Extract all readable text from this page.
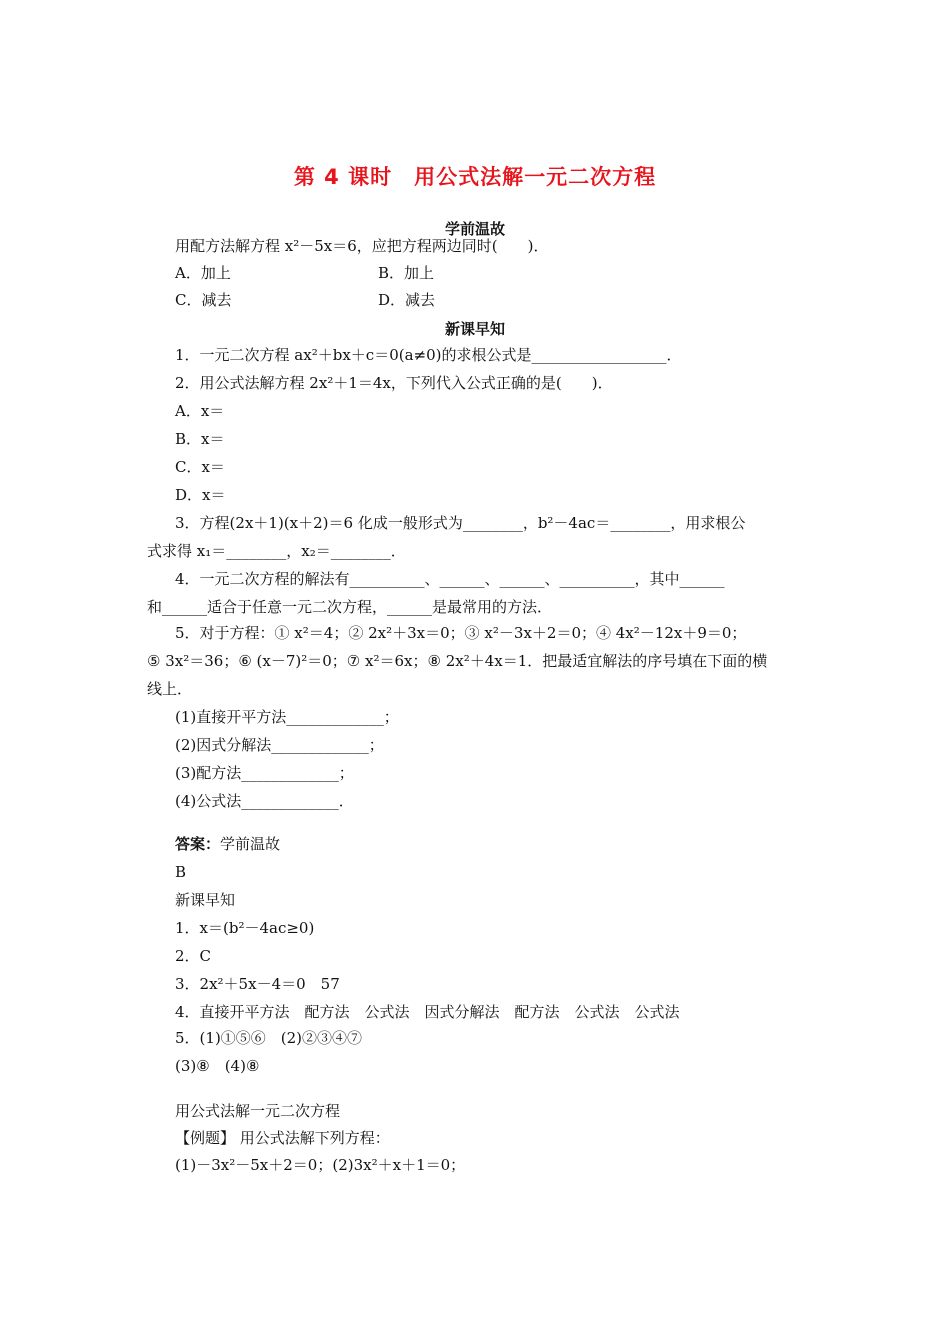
第 4 课时　用公式法解一元二次方程
学前温故
用配方法解方程 x²－5x＝6，应把方程两边同时(　　)．
A．加上	B．加上
C．减去	D．减去
新课早知
1．一元二次方程 ax²＋bx＋c＝0(a≠0)的求根公式是__________________．
2．用公式法解方程 2x²＋1＝4x，下列代入公式正确的是(　　)．
A．x＝
B．x＝
C．x＝
D．x＝
3．方程(2x＋1)(x＋2)＝6 化成一般形式为________，b²－4ac＝________，用求根公
式求得 x₁＝________，x₂＝________．
4．一元二次方程的解法有__________、______、______、__________，其中______
和______适合于任意一元二次方程，______是最常用的方法．
5．对于方程：① x²＝4；② 2x²＋3x＝0；③ x²－3x＋2＝0；④ 4x²－12x＋9＝0；
⑤ 3x²＝36；⑥ (x－7)²＝0；⑦ x²＝6x；⑧ 2x²＋4x＝1．把最适宜解法的序号填在下面的横
线上．
(1)直接开平方法_____________；
(2)因式分解法_____________；
(3)配方法_____________；
(4)公式法_____________．
答案：学前温故
B
新课早知
1．x＝(b²－4ac≥0)
2．C
3．2x²＋5x－4＝0　57
4．直接开平方法　配方法　公式法　因式分解法　配方法　公式法　公式法
5．(1)①⑤⑥　(2)②③④⑦
(3)⑧　(4)⑧
用公式法解一元二次方程
【例题】 用公式法解下列方程：
(1)－3x²－5x＋2＝0；(2)3x²＋x＋1＝0；
